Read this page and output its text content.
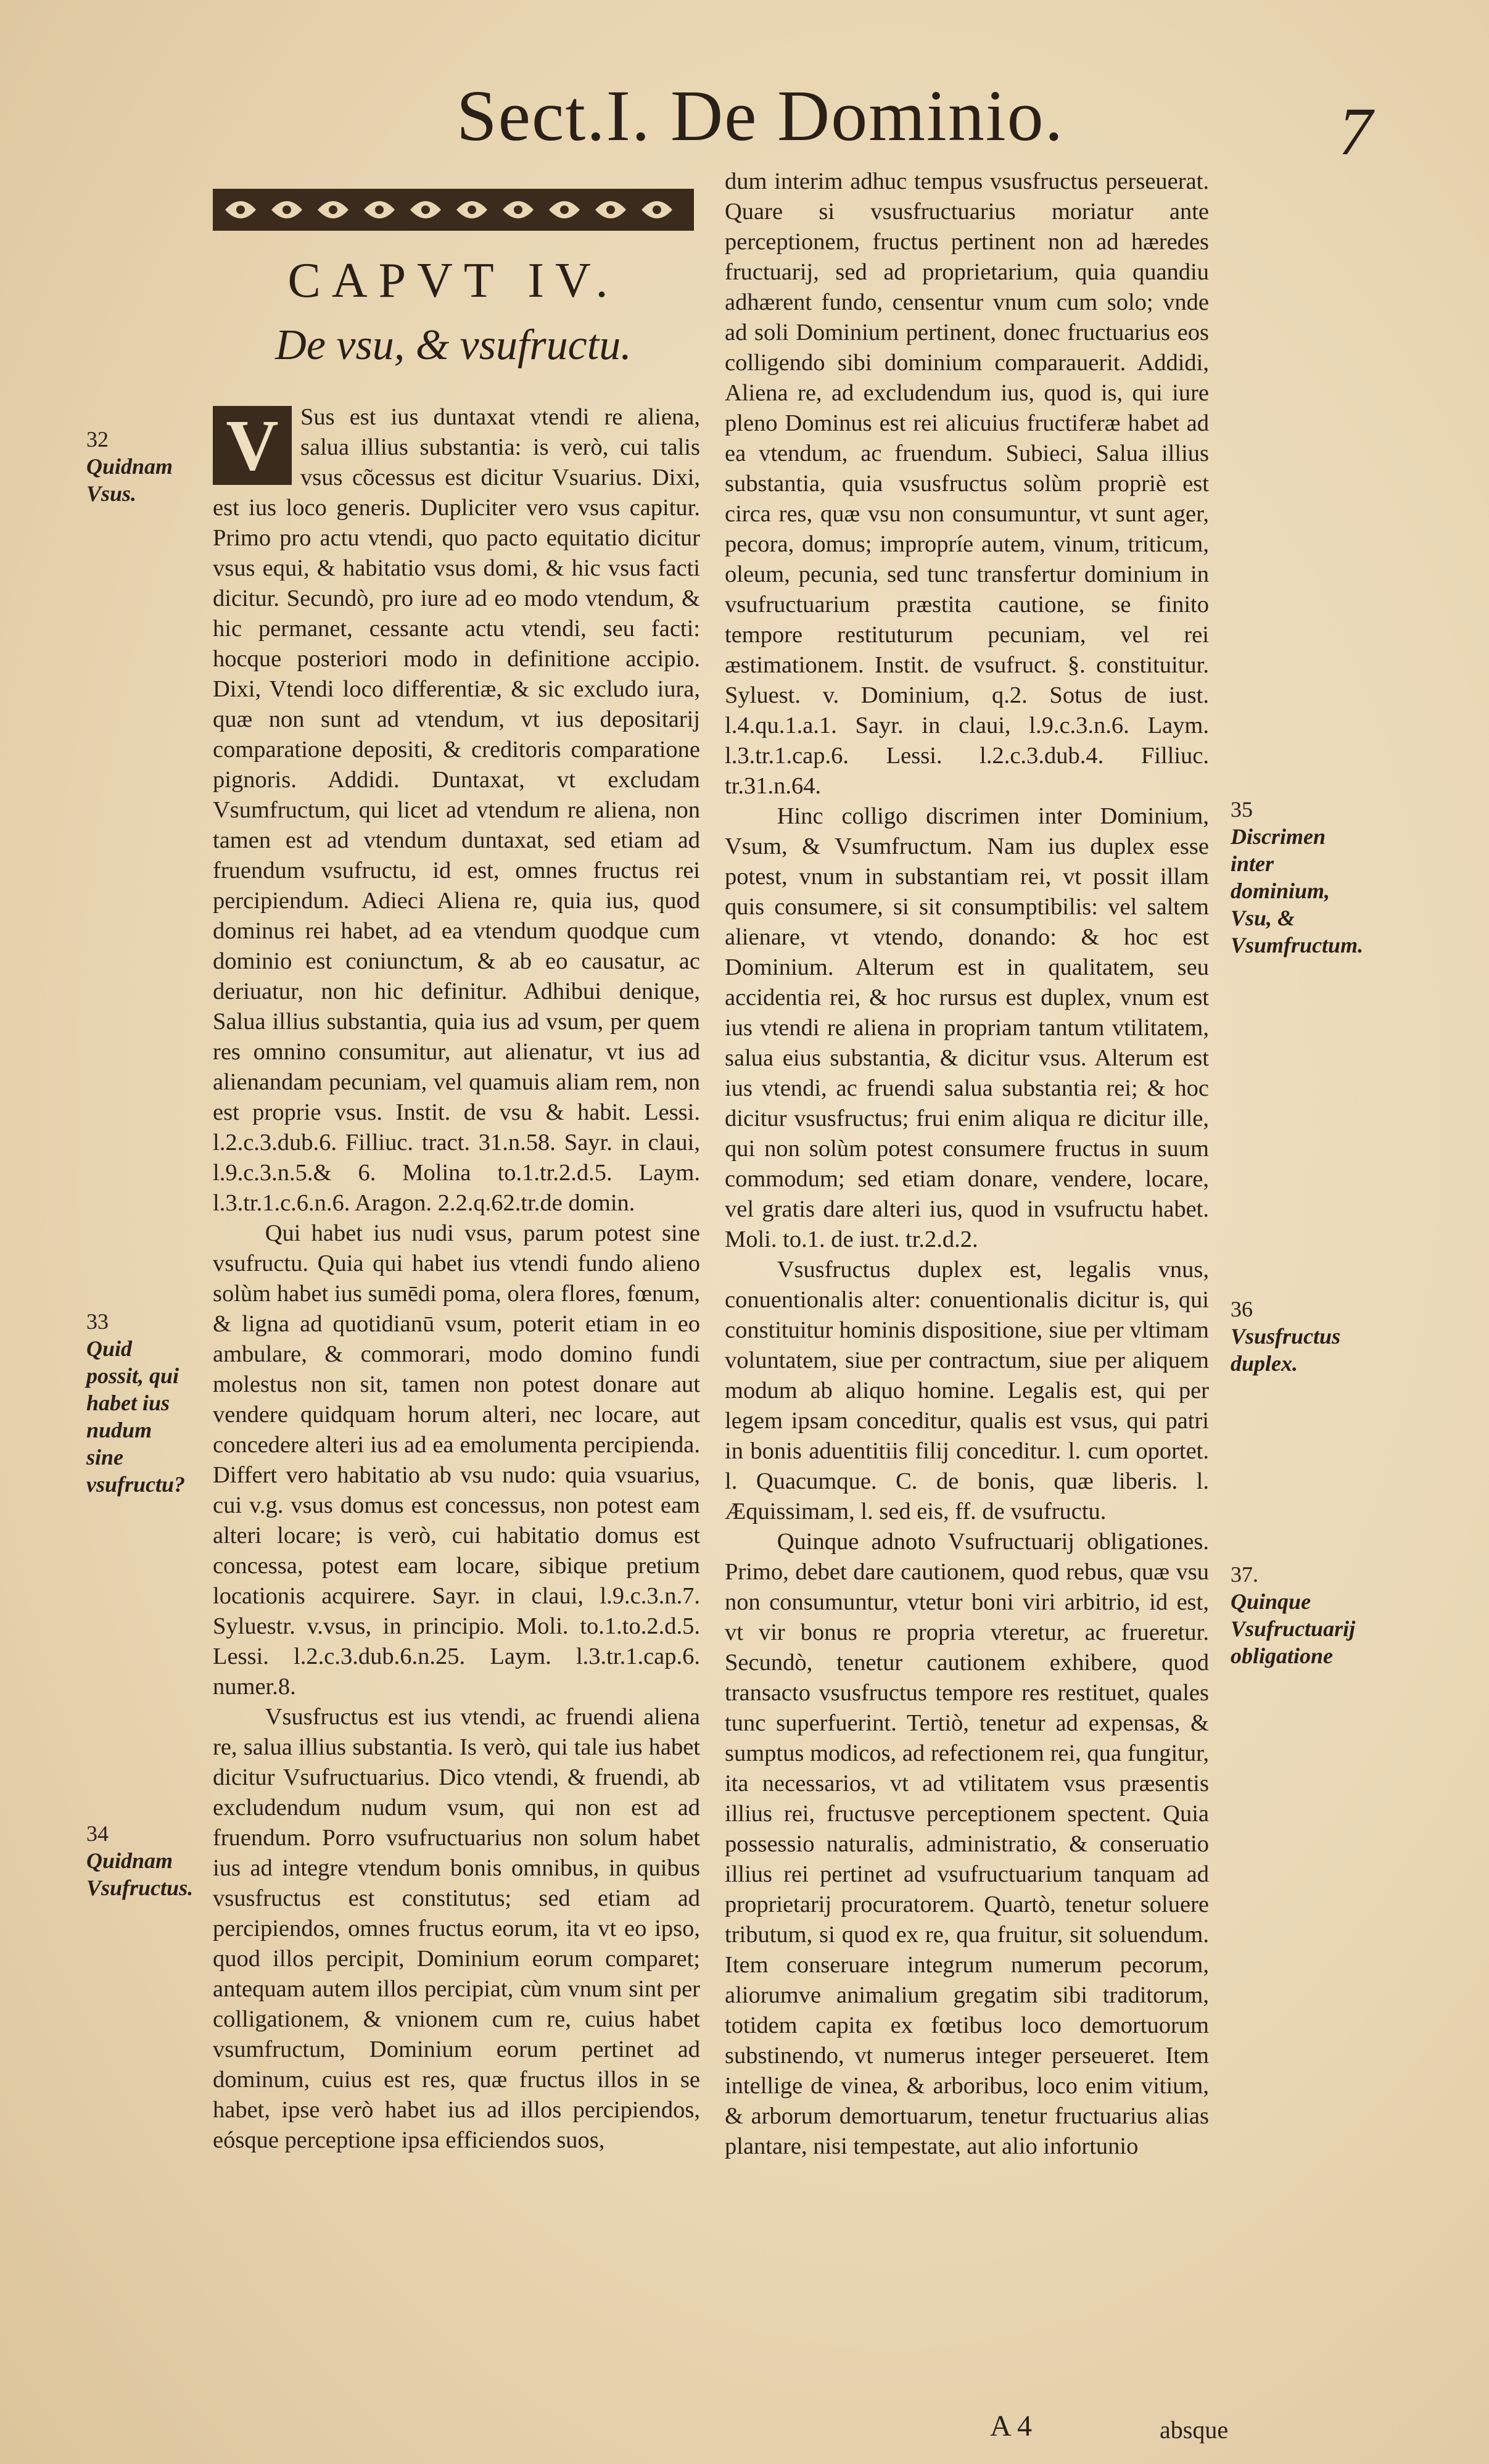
Sect.I. De Dominio.	7
CAPVT IV.
De vsu, & vsufructu.
32
Quidnam Vsus.
33
Quid possit, qui habet ius nudum sine vsufructu?
34
Quidnam Vsufructus.
35
Discrimen inter dominium, Vsu, & Vsumfructum.
36
Vsusfructus duplex.
37.
Quinque Vsufructuarij obligatione

V Sus est ius duntaxat vtendi re aliena, salua illius substantia: is verò, cui talis vsus cõcessus est dicitur Vsuarius. Dixi, est ius loco generis. Dupliciter vero vsus capitur. Primo pro actu vtendi, quo pacto equitatio dicitur vsus equi, & habitatio vsus domi, & hic vsus facti dicitur. Secundò, pro iure ad eo modo vtendum, & hic permanet, cessante actu vtendi, seu facti: hocque posteriori modo in definitione accipio. Dixi, Vtendi loco differentiæ, & sic excludo iura, quæ non sunt ad vtendum, vt ius depositarij comparatione depositi, & creditoris comparatione pignoris. Addidi. Duntaxat, vt excludam Vsumfructum, qui licet ad vtendum re aliena, non tamen est ad vtendum duntaxat, sed etiam ad fruendum vsufructu, id est, omnes fructus rei percipiendum. Adieci Aliena re, quia ius, quod dominus rei habet, ad ea vtendum quodque cum dominio est coniunctum, & ab eo causatur, ac deriuatur, non hic definitur. Adhibui denique, Salua illius substantia, quia ius ad vsum, per quem res omnino consumitur, aut alienatur, vt ius ad alienandam pecuniam, vel quamuis aliam rem, non est proprie vsus. Instit. de vsu & habit. Lessi. l.2.c.3.dub.6. Filliuc. tract. 31.n.58. Sayr. in claui, l.9.c.3.n.5.& 6. Molina to.1.tr.2.d.5. Laym. l.3.tr.1.c.6.n.6. Aragon. 2.2.q.62.tr.de domin.

Qui habet ius nudi vsus, parum potest sine vsufructu. Quia qui habet ius vtendi fundo alieno solùm habet ius sumēdi poma, olera flores, fœnum, & ligna ad quotidianū vsum, poterit etiam in eo ambulare, & commorari, modo domino fundi molestus non sit, tamen non potest donare aut vendere quidquam horum alteri, nec locare, aut concedere alteri ius ad ea emolumenta percipienda. Differt vero habitatio ab vsu nudo: quia vsuarius, cui v.g. vsus domus est concessus, non potest eam alteri locare; is verò, cui habitatio domus est concessa, potest eam locare, sibique pretium locationis acquirere. Sayr. in claui, l.9.c.3.n.7. Syluestr. v.vsus, in principio. Moli. to.1.to.2.d.5. Lessi. l.2.c.3.dub.6.n.25. Laym. l.3.tr.1.cap.6. numer.8.

Vsusfructus est ius vtendi, ac fruendi aliena re, salua illius substantia. Is verò, qui tale ius habet dicitur Vsufructuarius. Dico vtendi, & fruendi, ab excludendum nudum vsum, qui non est ad fruendum. Porro vsufructuarius non solum habet ius ad integre vtendum bonis omnibus, in quibus vsusfructus est constitutus; sed etiam ad percipiendos, omnes fructus eorum, ita vt eo ipso, quod illos percipit, Dominium eorum comparet; antequam autem illos percipiat, cùm vnum sint per colligationem, & vnionem cum re, cuius habet vsumfructum, Dominium eorum pertinet ad dominum, cuius est res, quæ fructus illos in se habet, ipse verò habet ius ad illos percipiendos, eósque perceptione ipsa efficiendos suos,

dum interim adhuc tempus vsusfructus perseuerat. Quare si vsusfructuarius moriatur ante perceptionem, fructus pertinent non ad hæredes fructuarij, sed ad proprietarium, quia quandiu adhærent fundo, censentur vnum cum solo; vnde ad soli Dominium pertinent, donec fructuarius eos colligendo sibi dominium comparauerit. Addidi, Aliena re, ad excludendum ius, quod is, qui iure pleno Dominus est rei alicuius fructiferæ habet ad ea vtendum, ac fruendum. Subieci, Salua illius substantia, quia vsusfructus solùm propriè est circa res, quæ vsu non consumuntur, vt sunt ager, pecora, domus; impropríe autem, vinum, triticum, oleum, pecunia, sed tunc transfertur dominium in vsufructuarium præstita cautione, se finito tempore restituturum pecuniam, vel rei æstimationem. Instit. de vsufruct. §. constituitur. Syluest. v. Dominium, q.2. Sotus de iust. l.4.qu.1.a.1. Sayr. in claui, l.9.c.3.n.6. Laym. l.3.tr.1.cap.6. Lessi. l.2.c.3.dub.4. Filliuc. tr.31.n.64.

Hinc colligo discrimen inter Dominium, Vsum, & Vsumfructum. Nam ius duplex esse potest, vnum in substantiam rei, vt possit illam quis consumere, si sit consumptibilis: vel saltem alienare, vt vtendo, donando: & hoc est Dominium. Alterum est in qualitatem, seu accidentia rei, & hoc rursus est duplex, vnum est ius vtendi re aliena in propriam tantum vtilitatem, salua eius substantia, & dicitur vsus. Alterum est ius vtendi, ac fruendi salua substantia rei; & hoc dicitur vsusfructus; frui enim aliqua re dicitur ille, qui non solùm potest consumere fructus in suum commodum; sed etiam donare, vendere, locare, vel gratis dare alteri ius, quod in vsufructu habet. Moli. to.1. de iust. tr.2.d.2.

Vsusfructus duplex est, legalis vnus, conuentionalis alter: conuentionalis dicitur is, qui constituitur hominis dispositione, siue per vltimam voluntatem, siue per contractum, siue per aliquem modum ab aliquo homine. Legalis est, qui per legem ipsam conceditur, qualis est vsus, qui patri in bonis aduentitiis filij conceditur. l. cum oportet. l. Quacumque. C. de bonis, quæ liberis. l. Æquissimam, l. sed eis, ff. de vsufructu.

Quinque adnoto Vsufructuarij obligationes. Primo, debet dare cautionem, quod rebus, quæ vsu non consumuntur, vtetur boni viri arbitrio, id est, vt vir bonus re propria vteretur, ac frueretur. Secundò, tenetur cautionem exhibere, quod transacto vsusfructus tempore res restituet, quales tunc superfuerint. Tertiò, tenetur ad expensas, & sumptus modicos, ad refectionem rei, qua fungitur, ita necessarios, vt ad vtilitatem vsus præsentis illius rei, fructusve perceptionem spectent. Quia possessio naturalis, administratio, & conseruatio illius rei pertinet ad vsufructuarium tanquam ad proprietarij procuratorem. Quartò, tenetur soluere tributum, si quod ex re, qua fruitur, sit soluendum. Item conseruare integrum numerum pecorum, aliorumve animalium gregatim sibi traditorum, totidem capita ex fœtibus loco demortuorum substinendo, vt numerus integer perseueret. Item intellige de vinea, & arboribus, loco enim vitium, & arborum demortuarum, tenetur fructuarius alias plantare, nisi tempestate, aut alio infortunio

A 4	absque
